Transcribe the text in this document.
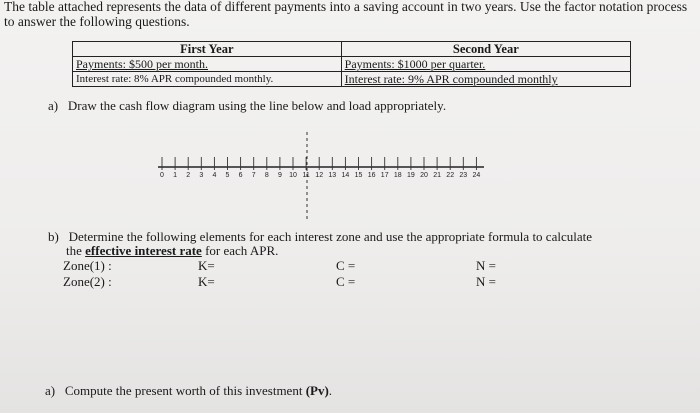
The table attached represents the data of different payments into a saving account in two years. Use the factor notation process to answer the following questions.
First Year	Second Year
Payments: $500 per month.	Payments: $1000 per quarter.
Interest rate: 8% APR compounded monthly.	Interest rate: 9% APR compounded monthly
a) Draw the cash flow diagram using the line below and load appropriately.
0 1 2 3 4 5 6 7 8 9 10 11 12 13 14 15 16 17 18 19 20 21 22 23 24
b) Determine the following elements for each interest zone and use the appropriate formula to calculate
the effective interest rate for each APR.
Zone(1) :	K=	C =	N =
Zone(2) :	K=	C =	N =
a) Compute the present worth of this investment (Pv).
